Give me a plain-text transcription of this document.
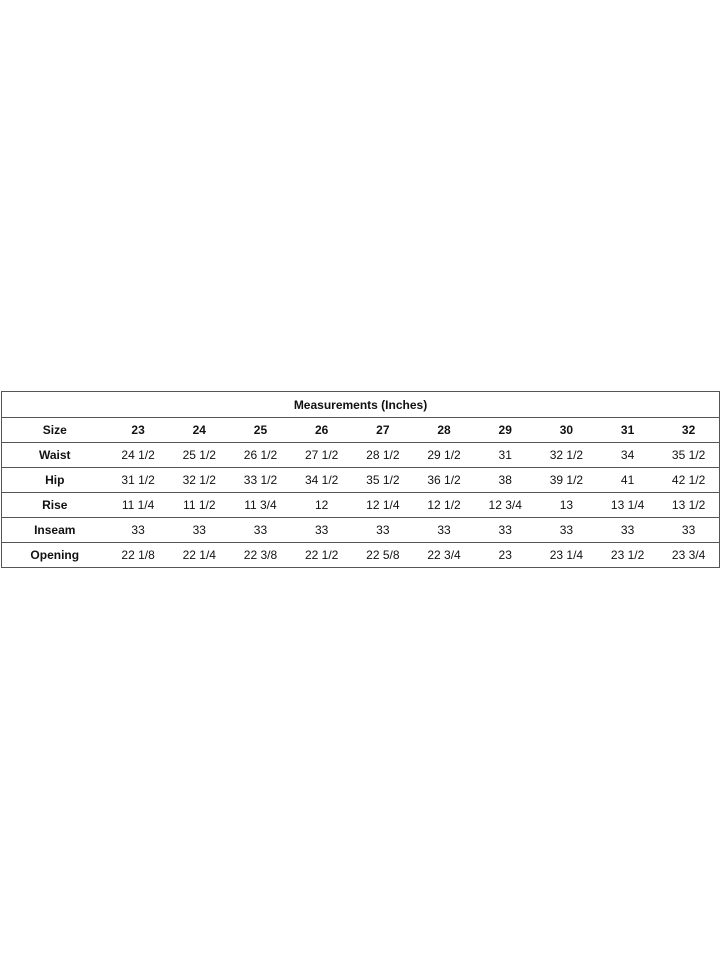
Measurements (Inches)										
Size	23	24	25	26	27	28	29	30	31	32
Waist	24 1/2	25 1/2	26 1/2	27 1/2	28 1/2	29 1/2	31	32 1/2	34	35 1/2
Hip	31 1/2	32 1/2	33 1/2	34 1/2	35 1/2	36 1/2	38	39 1/2	41	42 1/2
Rise	11 1/4	11 1/2	11 3/4	12	12 1/4	12 1/2	12 3/4	13	13 1/4	13 1/2
Inseam	33	33	33	33	33	33	33	33	33	33
Opening	22 1/8	22 1/4	22 3/8	22 1/2	22 5/8	22 3/4	23	23 1/4	23 1/2	23 3/4
